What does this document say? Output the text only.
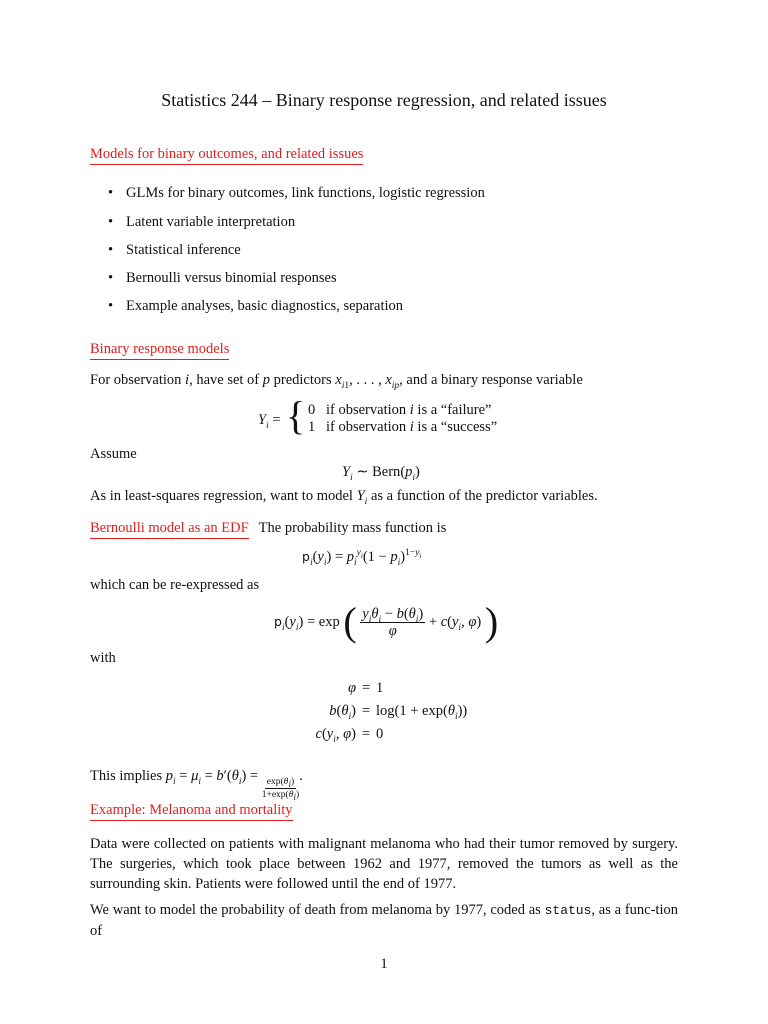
Statistics 244 – Binary response regression, and related issues
Models for binary outcomes, and related issues
• GLMs for binary outcomes, link functions, logistic regression
• Latent variable interpretation
• Statistical inference
• Bernoulli versus binomial responses
• Example analyses, basic diagnostics, separation
Binary response models
For observation i, have set of p predictors $x_{i1}$, . . . , $x_{ip}$, and a binary response variable
$Y_i$ = { 0 if observation i is a “failure”
1 if observation i is a “success”
Assume
$Y_i$ ∼ $Bern(p_i)$
As in least-squares regression, want to model $Y_i$ as a function of the predictor variables.
Bernoulli model as an EDF The probability mass function is
$p_i(y_i) = p_i^{y_i}(1 - p_i)^{1-y_i}$
which can be re-expressed as
$p_i(y_i) = \exp$ ( $\frac{y_i\theta_i - b(\theta_i)}{\varphi} + c(y_i$, φ) )
with
φ = 1
$b(\theta_i) = \log(1 + \exp(\theta_i))$
$c(y_i$, φ) = 0
This implies $p_i = \mu_i = b'(\theta_i)$ =
$\frac{\exp(\theta_i)}{1+\exp(\theta_i)}$
.
Example: Melanoma and mortality
Data were collected on patients with malignant melanoma who had their tumor removed by surgery. The surgeries, which took place between 1962 and 1977, removed the tumors as well as the surrounding skin. Patients were followed until the end of 1977.
We want to model the probability of death from melanoma by 1977, coded as status, as a func-tion of
1
